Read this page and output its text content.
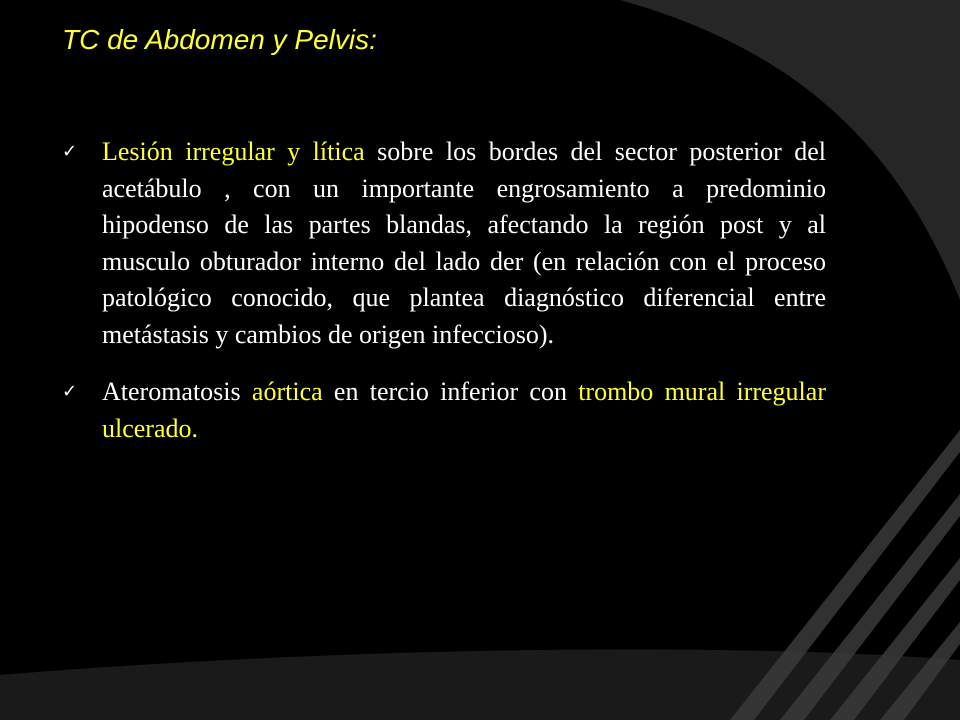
TC de Abdomen y Pelvis:
✓ Lesión irregular y lítica sobre los bordes del sector posterior del acetábulo , con un importante engrosamiento a predominio hipodenso de las partes blandas, afectando la región post y al musculo obturador interno del lado der (en relación con el proceso patológico conocido, que plantea diagnóstico diferencial entre metástasis y cambios de origen infeccioso).
✓ Ateromatosis aórtica en tercio inferior con trombo mural irregular ulcerado.
